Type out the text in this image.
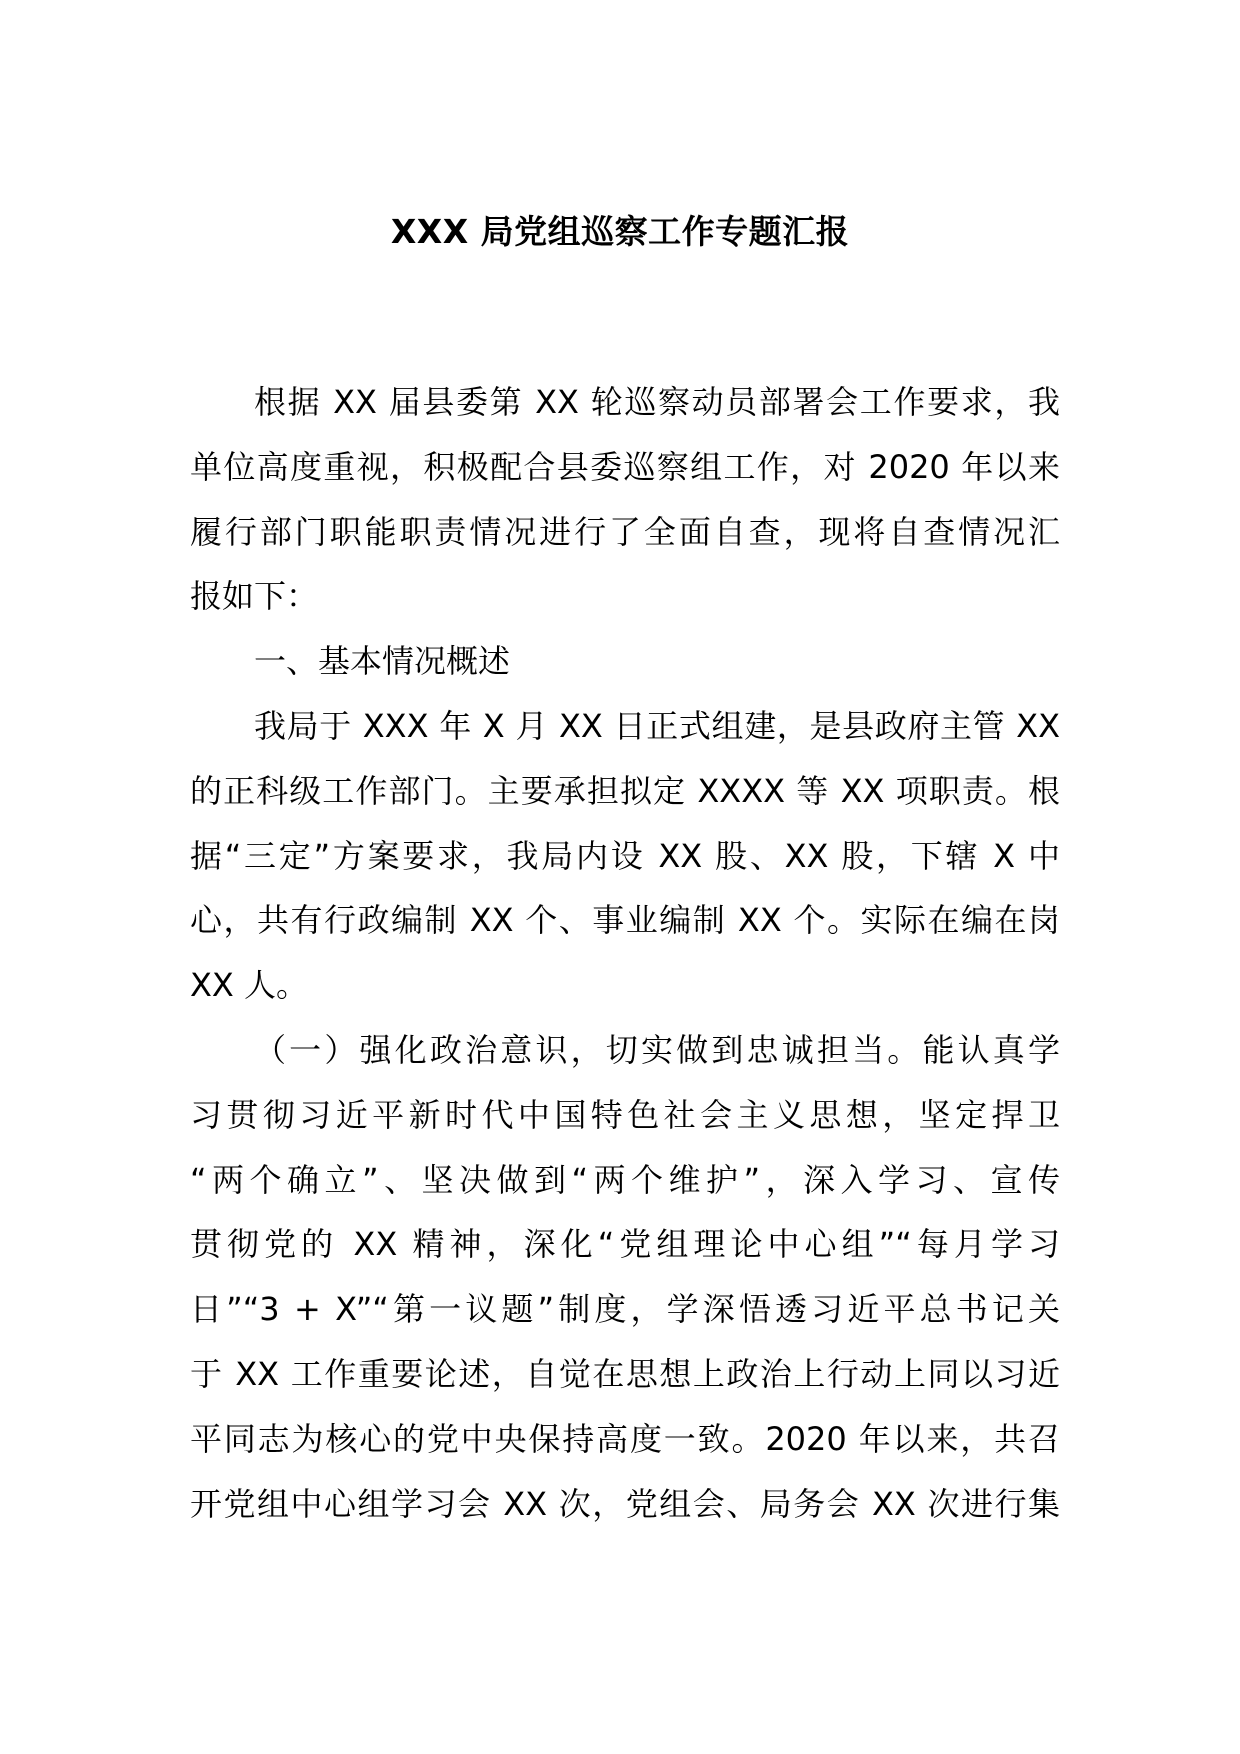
XXX 局党组巡察工作专题汇报
根据 XX 届县委第 XX 轮巡察动员部署会工作要求，我
单位高度重视，积极配合县委巡察组工作，对 2020 年以来
履行部门职能职责情况进行了全面自查，现将自查情况汇
报如下：
一、基本情况概述
我局于 XXX 年 X 月 XX 日正式组建，是县政府主管 XX
的正科级工作部门。主要承担拟定 XXXX 等 XX 项职责。根
据“三定”方案要求，我局内设 XX 股、XX 股，下辖 X 中
心，共有行政编制 XX 个、事业编制 XX 个。实际在编在岗
XX 人。
（一）强化政治意识，切实做到忠诚担当。能认真学
习贯彻习近平新时代中国特色社会主义思想，坚定捍卫
“两个确立”、坚决做到“两个维护”，深入学习、宣传
贯彻党的 XX 精神，深化“党组理论中心组”“每月学习
日”“3 + X”“第一议题”制度，学深悟透习近平总书记关
于 XX 工作重要论述，自觉在思想上政治上行动上同以习近
平同志为核心的党中央保持高度一致。2020 年以来，共召
开党组中心组学习会 XX 次，党组会、局务会 XX 次进行集
